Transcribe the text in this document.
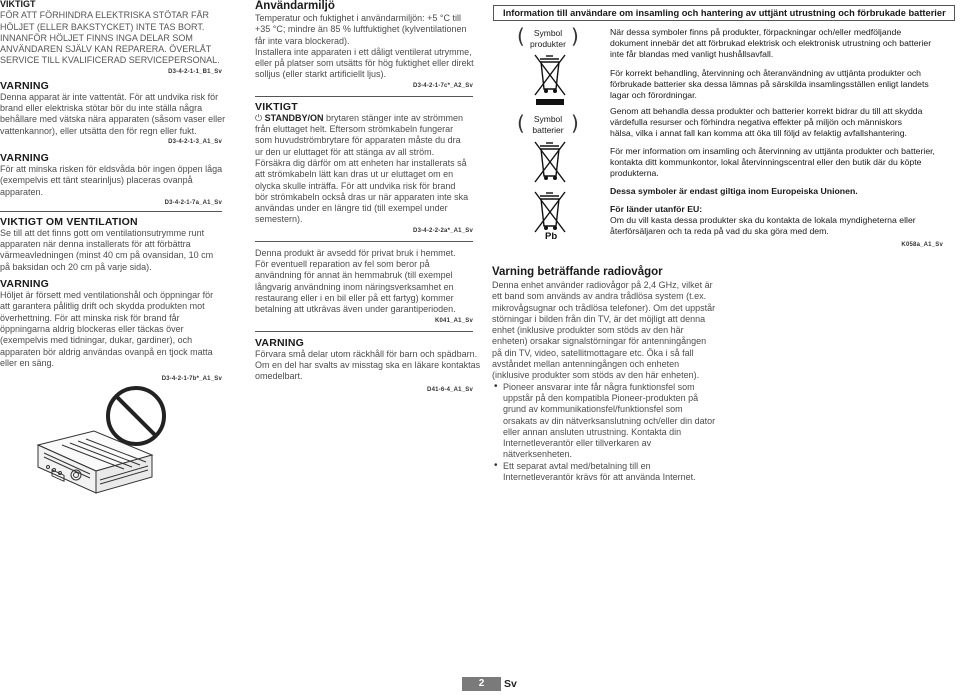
VIKTIGT
FÖR ATT FÖRHINDRA ELEKTRISKA STÖTAR FÅR
HÖLJET (ELLER BAKSTYCKET) INTE TAS BORT.
INNANFÖR HÖLJET FINNS INGA DELAR SOM
ANVÄNDAREN SJÄLV KAN REPARERA. ÖVERLÅT
SERVICE TILL KVALIFICERAD SERVICEPERSONAL.
D3-4-2-1-1_B1_Sv
VARNING
Denna apparat är inte vattentät. För att undvika risk för
brand eller elektriska stötar bör du inte ställa några
behållare med vätska nära apparaten (såsom vaser eller
vattenkannor), eller utsätta den för regn eller fukt.
D3-4-2-1-3_A1_Sv
VARNING
För att minska risken för eldsvåda bör ingen öppen låga
(exempelvis ett tänt stearinljus) placeras ovanpå
apparaten.
D3-4-2-1-7a_A1_Sv
VIKTIGT OM VENTILATION
Se till att det finns gott om ventilationsutrymme runt
apparaten när denna installerats för att förbättra
värmeavledningen (minst 40 cm på ovansidan, 10 cm
på baksidan och 20 cm på varje sida).
VARNING
Höljet är försett med ventilationshål och öppningar för
att garantera pålitlig drift och skydda produkten mot
överhettning. För att minska risk för brand får
öppningarna aldrig blockeras eller täckas över
(exempelvis med tidningar, dukar, gardiner), och
apparaten bör aldrig användas ovanpå en tjock matta
eller en säng.
D3-4-2-1-7b*_A1_Sv
Användarmiljö
Temperatur och fuktighet i användarmiljön: +5 °C till
+35 °C; mindre än 85 % luftfuktighet (kylventilationen
får inte vara blockerad).
Installera inte apparaten i ett dåligt ventilerat utrymme,
eller på platser som utsätts för hög fuktighet eller direkt
solljus (eller starkt artificiellt ljus).
D3-4-2-1-7c*_A2_Sv
VIKTIGT
⏻ STANDBY/ON brytaren stänger inte av strömmen
från eluttaget helt. Eftersom strömkabeln fungerar
som huvudströmbrytare för apparaten måste du dra
ur den ur eluttaget för att stänga av all ström.
Försäkra dig därför om att enheten har installerats så
att strömkabeln lätt kan dras ut ur eluttaget om en
olycka skulle inträffa. För att undvika risk för brand
bör strömkabeln också dras ur när apparaten inte ska
användas under en längre tid (till exempel under
semestern).
D3-4-2-2-2a*_A1_Sv
Denna produkt är avsedd för privat bruk i hemmet.
För eventuell reparation av fel som beror på
användning för annat än hemmabruk (till exempel
långvarig användning inom näringsverksamhet en
restaurang eller i en bil eller på ett fartyg) kommer
betalning att utkrävas även under garantiperioden.
K041_A1_Sv
VARNING
Förvara små delar utom räckhåll för barn och spädbarn.
Om en del har svalts av misstag ska en läkare kontaktas
omedelbart.
D41-6-4_A1_Sv
Information till användare om insamling och hantering av uttjänt utrustning och förbrukade batterier
(	Symbol
produkter )
(	Symbol
batterier )
Pb
När dessa symboler finns på produkter, förpackningar och/eller medföljande
dokument innebär det att förbrukad elektrisk och elektronisk utrustning och batterier
inte får blandas med vanligt hushållsavfall.
För korrekt behandling, återvinning och återanvändning av uttjänta produkter och
förbrukade batterier ska dessa lämnas på särskilda insamlingsställen enligt landets
lagar och förordningar.
Genom att behandla dessa produkter och batterier korrekt bidrar du till att skydda
värdefulla resurser och förhindra negativa effekter på miljön och människors
hälsa, vilka i annat fall kan komma att öka till följd av felaktig avfallshantering.
För mer information om insamling och återvinning av uttjänta produkter och batterier,
kontakta ditt kommunkontor, lokal återvinningscentral eller den butik där du köpte
produkterna.
Dessa symboler är endast giltiga inom Europeiska Unionen.
För länder utanför EU:
Om du vill kasta dessa produkter ska du kontakta de lokala myndigheterna eller
återförsäljaren och ta reda på vad du ska göra med dem.
K058a_A1_Sv
Varning beträffande radiovågor
Denna enhet använder radiovågor på 2,4 GHz, vilket är
ett band som används av andra trådlösa system (t.ex.
mikrovågsugnar och trådlösa telefoner). Om det uppstår
störningar i bilden från din TV, är det möjligt att denna
enhet (inklusive produkter som stöds av den här
enheten) orsakar signalstörningar för antenningången
på din TV, video, satellitmottagare etc. Öka i så fall
avståndet mellan antenningången och enheten
(inklusive produkter som stöds av den här enheten).
• Pioneer ansvarar inte får några funktionsfel som
uppstår på den kompatibla Pioneer-produkten på
grund av kommunikationsfel/funktionsfel som
orsakats av din nätverksanslutning och/eller din dator
eller annan ansluten utrustning. Kontakta din
Internetleverantör eller tillverkaren av
nätverksenheten.
• Ett separat avtal med/betalning till en
Internetleverantör krävs för att använda Internet.
2	Sv
